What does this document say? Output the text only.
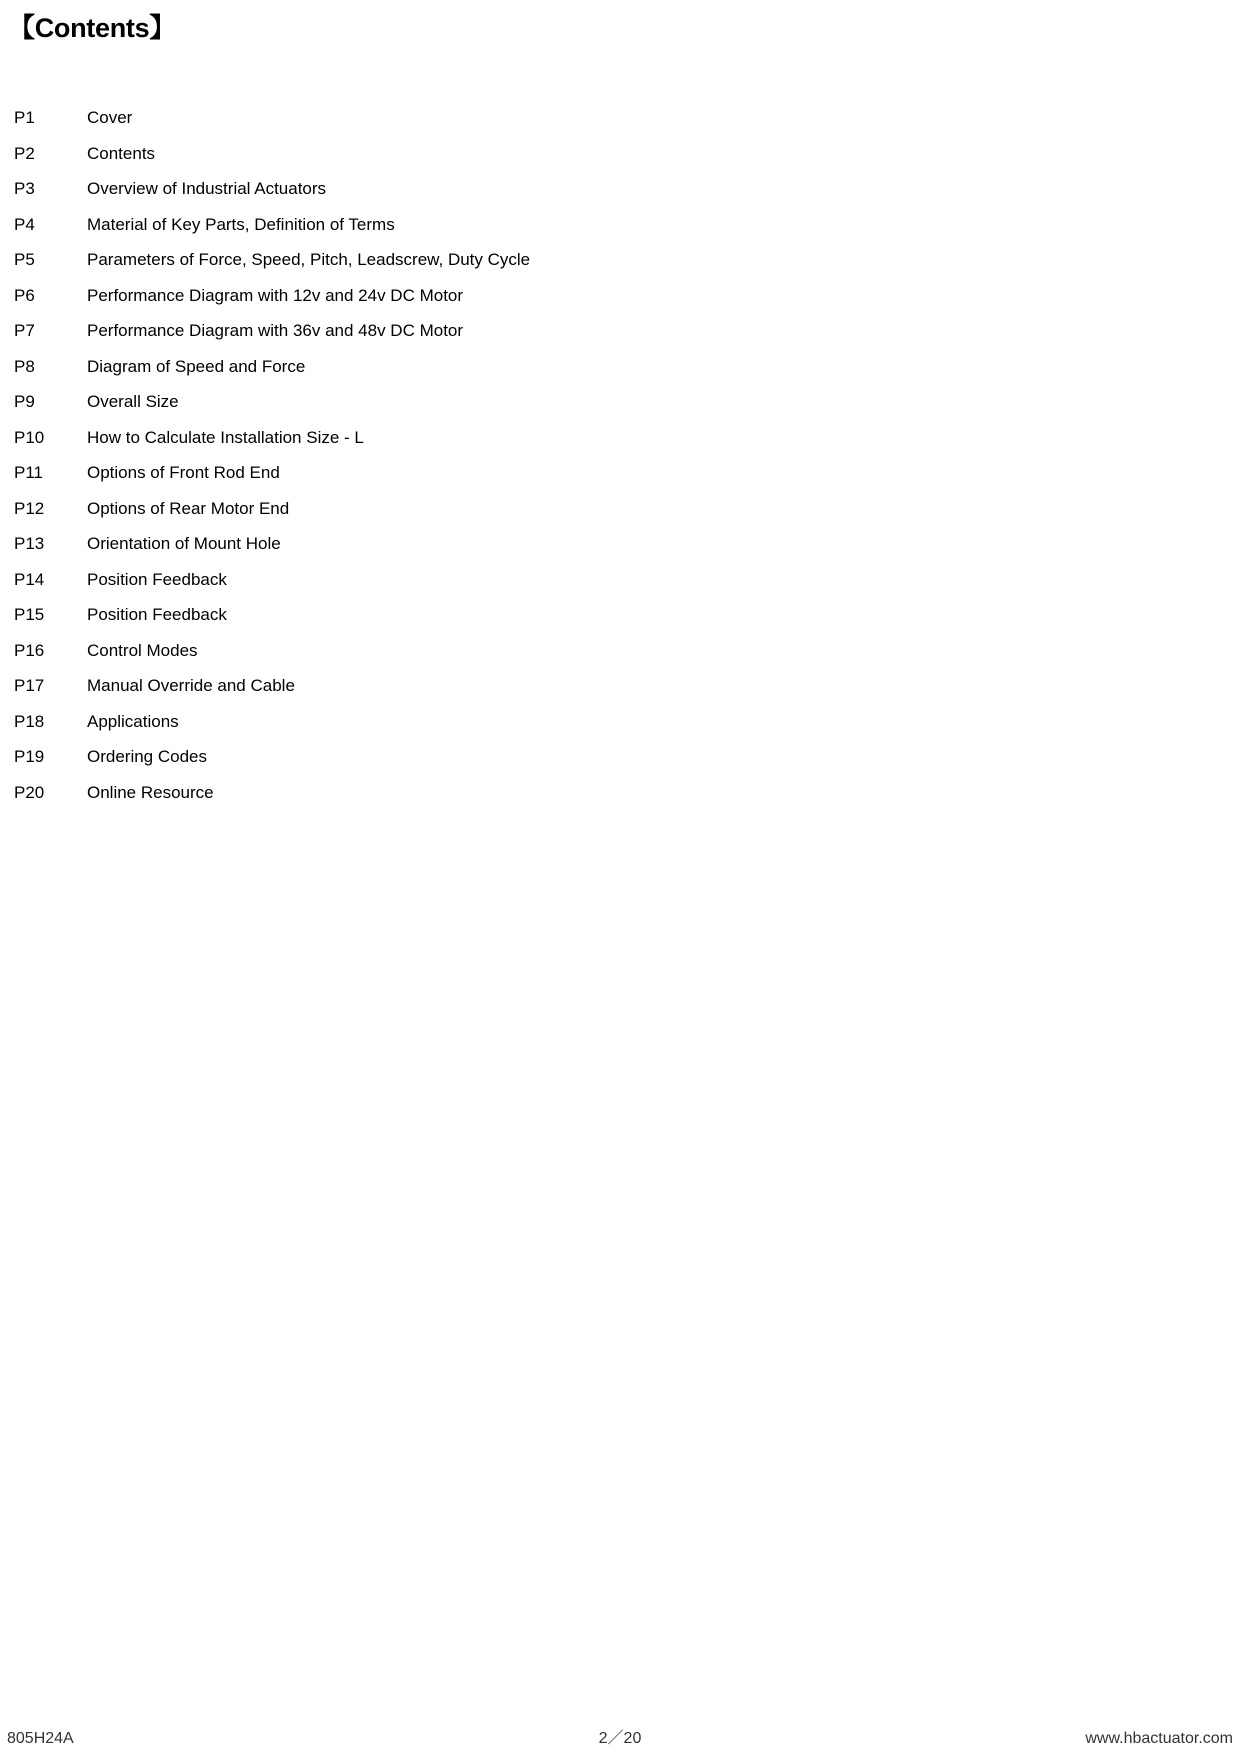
【Contents】
P1	Cover
P2	Contents
P3	Overview of Industrial Actuators
P4	Material of Key Parts, Definition of Terms
P5	Parameters of Force, Speed, Pitch, Leadscrew, Duty Cycle
P6	Performance Diagram with 12v and 24v DC Motor
P7	Performance Diagram with 36v and 48v DC Motor
P8	Diagram of Speed and Force
P9	Overall Size
P10	How to Calculate Installation Size - L
P11	Options of Front Rod End
P12	Options of Rear Motor End
P13	Orientation of Mount Hole
P14	Position Feedback
P15	Position Feedback
P16	Control Modes
P17	Manual Override and Cable
P18	Applications
P19	Ordering Codes
P20	Online Resource
805H24A	2／20	www.hbactuator.com
